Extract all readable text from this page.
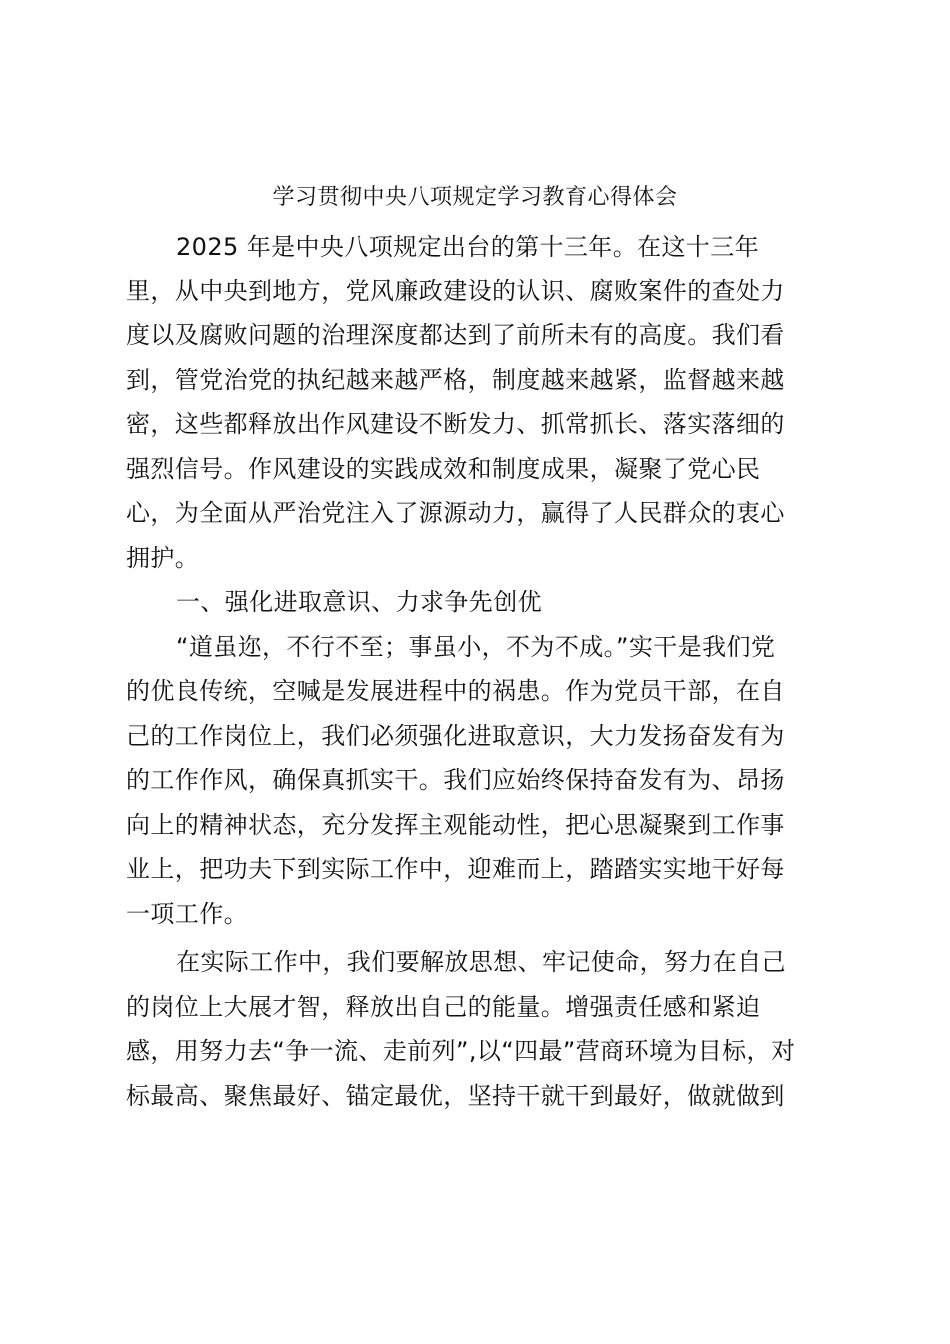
学习贯彻中央八项规定学习教育心得体会
2025 年是中央八项规定出台的第十三年。在这十三年
里，从中央到地方，党风廉政建设的认识、腐败案件的查处力
度以及腐败问题的治理深度都达到了前所未有的高度。我们看
到，管党治党的执纪越来越严格，制度越来越紧，监督越来越
密，这些都释放出作风建设不断发力、抓常抓长、落实落细的
强烈信号。作风建设的实践成效和制度成果，凝聚了党心民
心，为全面从严治党注入了源源动力，赢得了人民群众的衷心
拥护。
一、强化进取意识、力求争先创优
“道虽迩，不行不至；事虽小，不为不成。”实干是我们党
的优良传统，空喊是发展进程中的祸患。作为党员干部，在自
己的工作岗位上，我们必须强化进取意识，大力发扬奋发有为
的工作作风，确保真抓实干。我们应始终保持奋发有为、昂扬
向上的精神状态，充分发挥主观能动性，把心思凝聚到工作事
业上，把功夫下到实际工作中，迎难而上，踏踏实实地干好每
一项工作。
在实际工作中，我们要解放思想、牢记使命，努力在自己
的岗位上大展才智，释放出自己的能量。增强责任感和紧迫
感，用努力去“争一流、走前列”,以“四最”营商环境为目标，对
标最高、聚焦最好、锚定最优，坚持干就干到最好，做就做到
